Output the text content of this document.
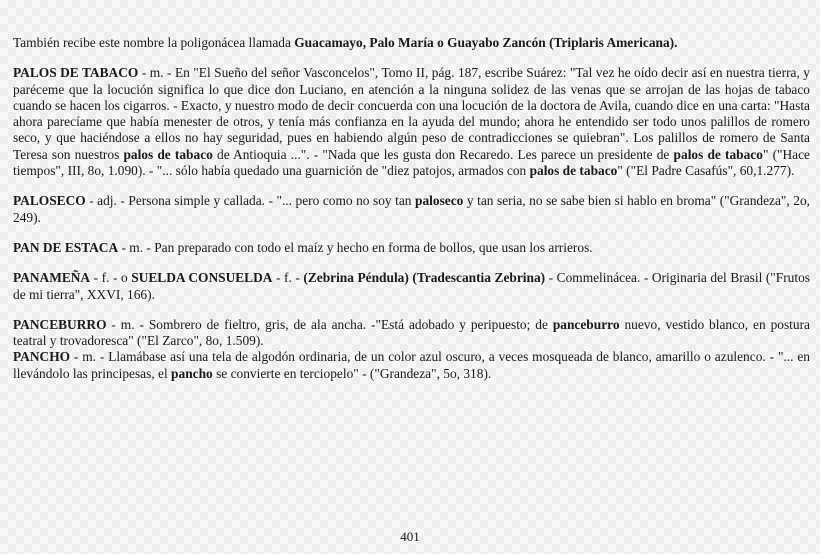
También recibe este nombre la poligonácea llamada Guacamayo, Palo María o Guayabo Zancón (Triplaris Americana).

PALOS DE TABACO - m. - En "El Sueño del señor Vasconcelos", Tomo II, pág. 187, escribe Suárez: "Tal vez he oído decir así en nuestra tierra, y paréceme que la locución significa lo que dice don Luciano, en atención a la ninguna solidez de las venas que se arrojan de las hojas de tabaco cuando se hacen los cigarros. - Exacto, y nuestro modo de decir concuerda con una locución de la doctora de Avila, cuando dice en una carta: "Hasta ahora parecíame que había menester de otros, y tenía más confianza en la ayuda del mundo; ahora he entendido ser todo unos palillos de romero seco, y que haciéndose a ellos no hay seguridad, pues en habiendo algún peso de contradicciones se quiebran". Los palillos de romero de Santa Teresa son nuestros palos de tabaco de Antioquia ...". - "Nada que les gusta don Recaredo. Les parece un presidente de palos de tabaco" ("Hace tiempos", III, 8o, 1.090). - "... sólo había quedado una guarnición de "diez patojos, armados con palos de tabaco" ("El Padre Casafús", 60,1.277).

PALOSECO - adj. - Persona simple y callada. - "... pero como no soy tan paloseco y tan seria, no se sabe bien si hablo en broma" ("Grandeza", 2o, 249).

PAN DE ESTACA - m. - Pan preparado con todo el maíz y hecho en forma de bollos, que usan los arrieros.

PANAMEÑA - f. - o SUELDA CONSUELDA - f. - (Zebrina Péndula) (Tradescantia Zebrina) - Commelinácea. - Originaria del Brasil ("Frutos de mi tierra", XXVI, 166).

PANCEBURRO - m. - Sombrero de fieltro, gris, de ala ancha. -"Está adobado y peripuesto; de panceburro nuevo, vestido blanco, en postura teatral y trovadoresca" ("El Zarco", 8o, 1.509).

PANCHO - m. - Llamábase así una tela de algodón ordinaria, de un color azul oscuro, a veces mosqueada de blanco, amarillo o azulenco. - "... en llevándolo las principesas, el pancho se convierte en terciopelo" - ("Grandeza", 5o, 318).

401
